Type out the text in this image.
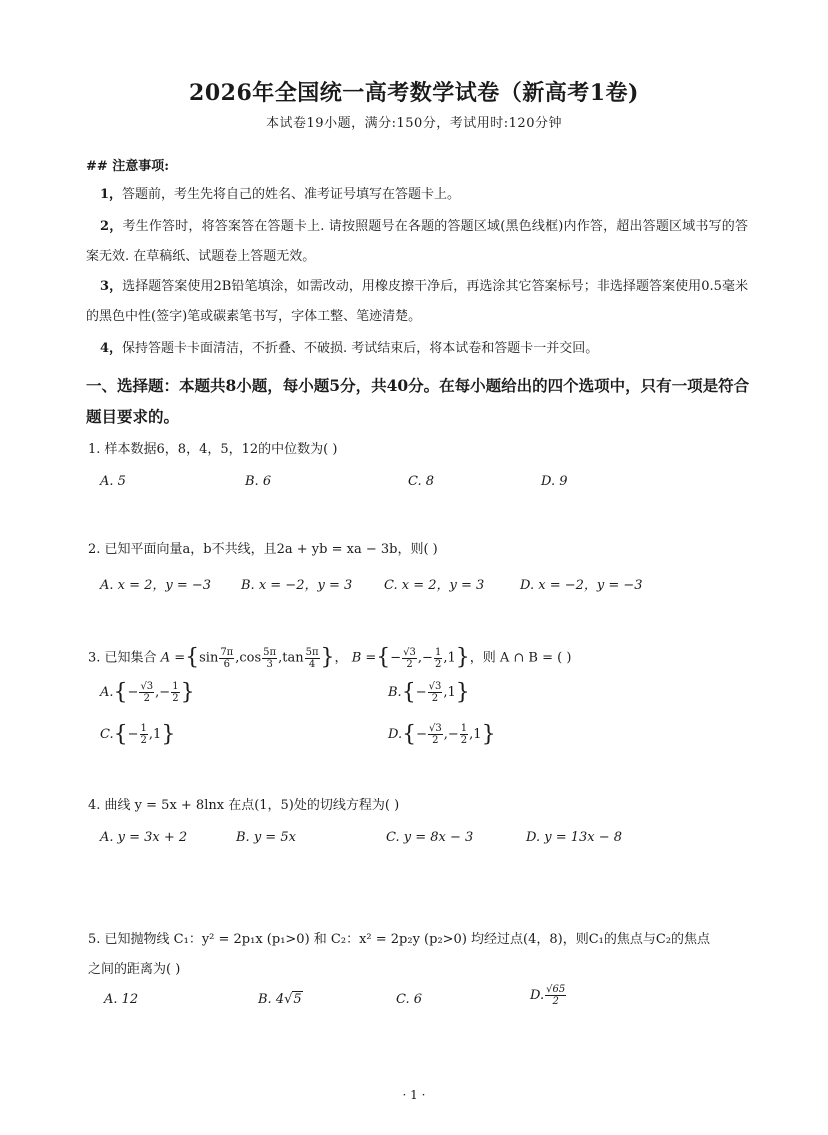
2026年全国统一高考数学试卷（新高考1卷)
本试卷19小题，满分:150分，考试用时:120分钟
## 注意事项:
1，答题前，考生先将自己的姓名、准考证号填写在答题卡上。
2，考生作答时，将答案答在答题卡上. 请按照题号在各题的答题区域(黑色线框)内作答，超出答题区域书写的答案无效. 在草稿纸、试题卷上答题无效。
3，选择题答案使用2B铅笔填涂，如需改动，用橡皮擦干净后，再选涂其它答案标号；非选择题答案使用0.5毫米的黑色中性(签字)笔或碳素笔书写，字体工整、笔迹清楚。
4，保持答题卡卡面清洁，不折叠、不破损. 考试结束后，将本试卷和答题卡一并交回。
一、选择题：本题共8小题，每小题5分，共40分。在每小题给出的四个选项中，只有一项是符合题目要求的。
1. 样本数据6，8，4，5，12的中位数为( )
A. 5	B. 6	C. 8	D. 9
2. 已知平面向量a，b不共线，且2a + yb = xa − 3b，则( )
A. x = 2，y = −3 B. x = −2，y = 3 C. x = 2，y = 3	D. x = −2，y = −3
3. 已知集合 $A =\{\sin \frac{7\pi}{6} ,\cos \frac{5\pi}{3} ,\tan \frac{5\pi}{4}$ }， B ={− $\frac{√3}{2}$ ,− $\frac{1}{2} ,1$}，则 A ∩ B = ( )
$A.\{- \frac{√3}{2}$ ,− $\frac{1}{2}$ }	$B.\{- \frac{√3}{2} ,1\}$
$C.\{- \frac{1}{2} ,1\}$	$D.\{- \frac{√3}{2}$ ,− $\frac{1}{2} ,1$}
4. 曲线 y = 5x + 8lnx 在点(1，5)处的切线方程为( )
A. y = 3x + 2	B. y = 5x	C. y = 8x − 3	D. y = 13x − 8
5. 已知抛物线 C₁：y² = 2p₁x (p₁>0) 和 C₂：x² = 2p₂y (p₂>0) 均经过点(4，8)，则C₁的焦点与C₂的焦点
之间的距离为( )
A. 12	B. 4√5	C. 6	D. $\frac{√65}{2}$
· 1 ·
